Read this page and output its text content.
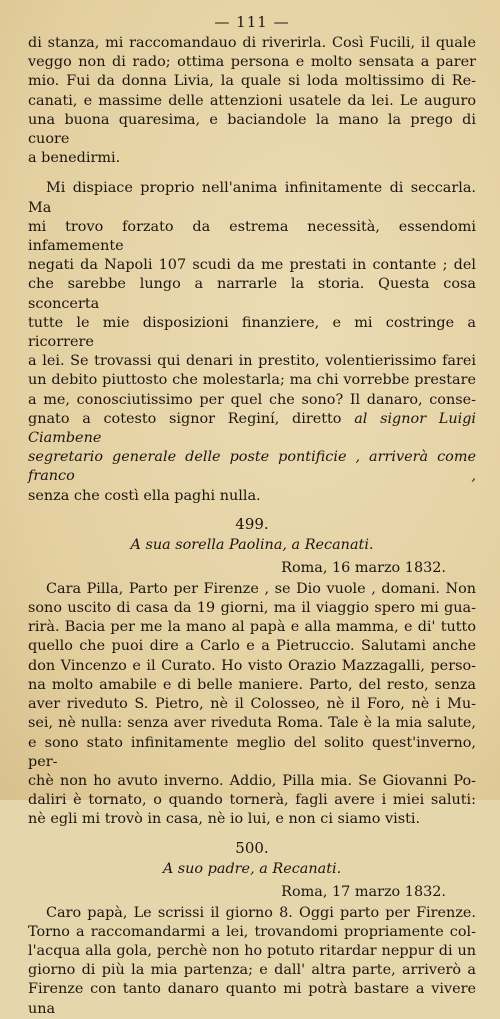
— 111 —

di stanza, mi raccomandauo di riverirla. Così Fucili, il quale
veggo non di rado; ottima persona e molto sensata a parer
mio. Fui da donna Livia, la quale si loda moltissimo di Re-
canati, e massime delle attenzioni usatele da lei. Le auguro
una buona quaresima, e baciandole la mano la prego di cuore
a benedirmi.

Mi dispiace proprio nell'anima infinitamente di seccarla. Ma
mi trovo forzato da estrema necessità, essendomi infamemente
negati da Napoli 107 scudi da me prestati in contante ; del
che sarebbe lungo a narrarle la storia. Questa cosa sconcerta
tutte le mie disposizioni finanziere, e mi costringe a ricorrere
a lei. Se trovassi qui denari in prestito, volentierissimo farei
un debito piuttosto che molestarla; ma chi vorrebbe prestare
a me, conosciutissimo per quel che sono? Il danaro, conse-
gnato a cotesto signor Reginí, diretto al signor Luigi Ciambene
segretario generale delle poste pontificie , arriverà come franco ,
senza che costì ella paghi nulla.

499.
A sua sorella Paolina, a Recanati.
Roma, 16 marzo 1832.

Cara Pilla, Parto per Firenze , se Dio vuole , domani. Non
sono uscito di casa da 19 giorni, ma il viaggio spero mi gua-
rirà. Bacia per me la mano al papà e alla mamma, e di' tutto
quello che puoi dire a Carlo e a Pietruccio. Salutami anche
don Vincenzo e il Curato. Ho visto Orazio Mazzagalli, perso-
na molto amabile e di belle maniere. Parto, del resto, senza
aver riveduto S. Pietro, nè il Colosseo, nè il Foro, nè i Mu-
sei, nè nulla: senza aver riveduta Roma. Tale è la mia salute,
e sono stato infinitamente meglio del solito quest'inverno, per-
chè non ho avuto inverno. Addio, Pilla mia. Se Giovanni Po-
daliri è tornato, o quando tornerà, fagli avere i miei saluti:
nè egli mi trovò in casa, nè io lui, e non ci siamo visti.

500.
A suo padre, a Recanati.
Roma, 17 marzo 1832.

Caro papà, Le scrissi il giorno 8. Oggi parto per Firenze.
Torno a raccomandarmi a lei, trovandomi propriamente col-
l'acqua alla gola, perchè non ho potuto ritardar neppur di un
giorno di più la mia partenza; e dall' altra parte, arriverò a
Firenze con tanto danaro quanto mi potrà bastare a vivere una
